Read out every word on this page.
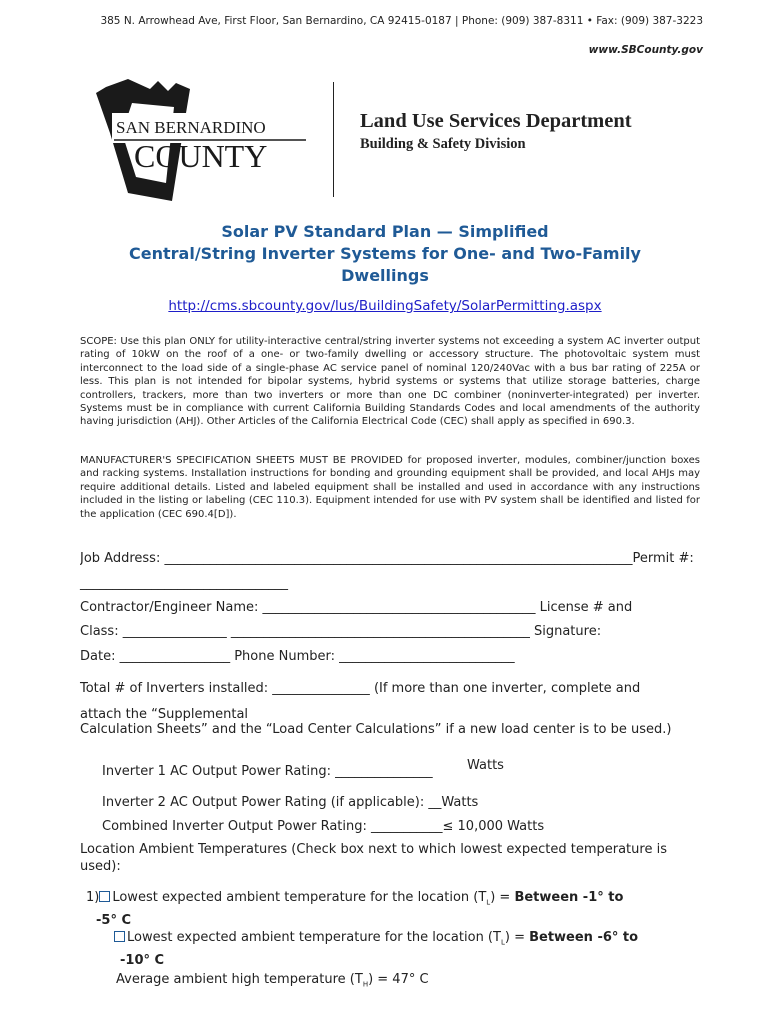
385 N. Arrowhead Ave, First Floor, San Bernardino, CA 92415-0187 | Phone: (909) 387-8311 • Fax: (909) 387-3223
www.SBCounty.gov
SAN BERNARDINO
COUNTY
Land Use Services Department
Building & Safety Division
Solar PV Standard Plan — Simplified
Central/String Inverter Systems for One- and Two-Family
Dwellings
http://cms.sbcounty.gov/lus/BuildingSafety/SolarPermitting.aspx
SCOPE: Use this plan ONLY for utility-interactive central/string inverter systems not exceeding a system AC inverter output rating of 10kW on the roof of a one- or two-family dwelling or accessory structure. The photovoltaic system must interconnect to the load side of a single-phase AC service panel of nominal 120/240Vac with a bus bar rating of 225A or less. This plan is not intended for bipolar systems, hybrid systems or systems that utilize storage batteries, charge controllers, trackers, more than two inverters or more than one DC combiner (noninverter-integrated) per inverter. Systems must be in compliance with current California Building Standards Codes and local amendments of the authority having jurisdiction (AHJ). Other Articles of the California Electrical Code (CEC) shall apply as specified in 690.3.
MANUFACTURER'S SPECIFICATION SHEETS MUST BE PROVIDED for proposed inverter, modules, combiner/junction boxes and racking systems. Installation instructions for bonding and grounding equipment shall be provided, and local AHJs may require additional details. Listed and labeled equipment shall be installed and used in accordance with any instructions included in the listing or labeling (CEC 110.3). Equipment intended for use with PV system shall be identified and listed for the application (CEC 690.4[D]).
Job Address: ________________________________________________________________________Permit #:
________________________________
Contractor/Engineer Name: __________________________________________ License # and
Class: ________________ ______________________________________________ Signature:
Date: _________________ Phone Number: ___________________________
Total # of Inverters installed: _______________ (If more than one inverter, complete and
attach the “Supplemental
Calculation Sheets” and the “Load Center Calculations” if a new load center is to be used.)
Inverter 1 AC Output Power Rating: _______________	Watts
Inverter 2 AC Output Power Rating (if applicable): __Watts
Combined Inverter Output Power Rating: ___________≤ 10,000 Watts
Location Ambient Temperatures (Check box next to which lowest expected temperature is used):
1) Lowest expected ambient temperature for the location $(T_L)$ = Between -1° to
-5° C
Lowest expected ambient temperature for the location $(T_L)$ = Between -6° to
-10° C
Average ambient high temperature $(T_H) = 47^\circ$ C
